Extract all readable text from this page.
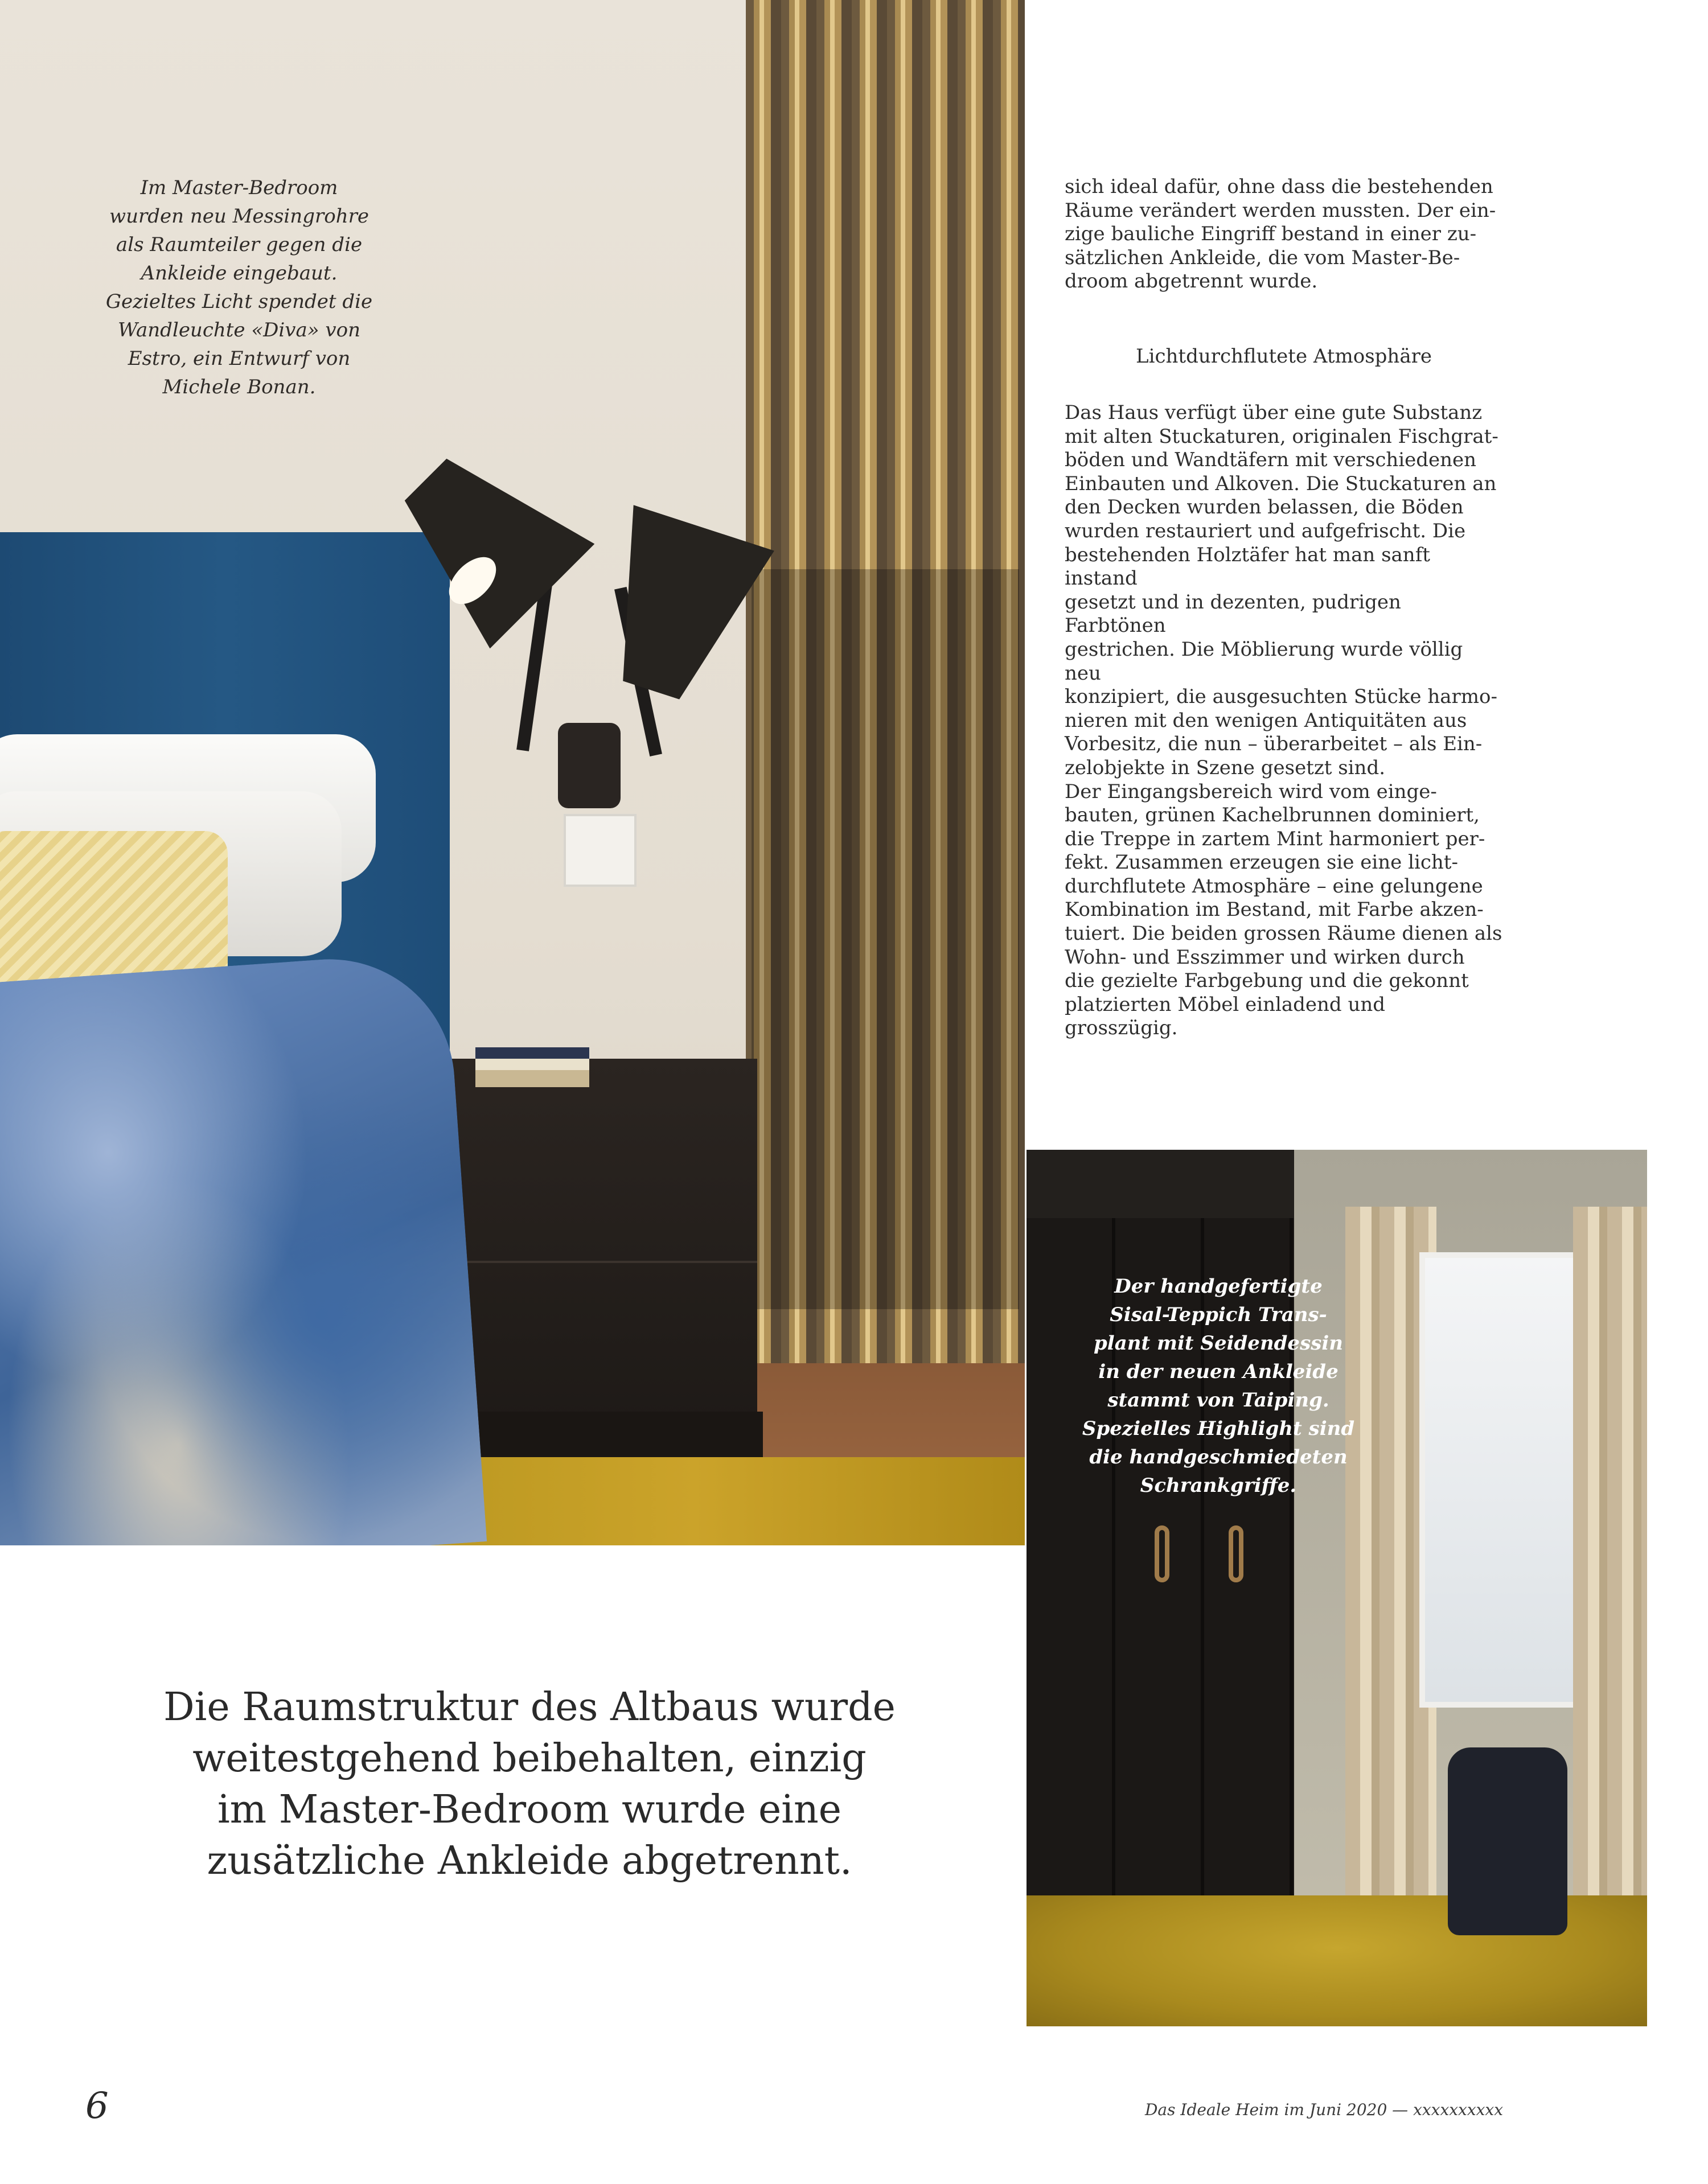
Im Master-Bedroom
wurden neu Messingrohre
als Raumteiler gegen die
Ankleide eingebaut.
Gezieltes Licht spendet die
Wandleuchte «Diva» von
Estro, ein Entwurf von
Michele Bonan.
sich ideal dafür, ohne dass die bestehenden
Räume verändert werden mussten. Der ein-
zige bauliche Eingriff bestand in einer zu-
sätzlichen Ankleide, die vom Master-Be-
droom abgetrennt wurde.
Lichtdurchflutete Atmosphäre
Das Haus verfügt über eine gute Substanz
mit alten Stuckaturen, originalen Fischgrat-
böden und Wandtäfern mit verschiedenen
Einbauten und Alkoven. Die Stuckaturen an
den Decken wurden belassen, die Böden
wurden restauriert und aufgefrischt. Die
bestehenden Holztäfer hat man sanft instand
gesetzt und in dezenten, pudrigen Farbtönen
gestrichen. Die Möblierung wurde völlig neu
konzipiert, die ausgesuchten Stücke harmo-
nieren mit den wenigen Antiquitäten aus
Vorbesitz, die nun – überarbeitet – als Ein-
zelobjekte in Szene gesetzt sind.
Der Eingangsbereich wird vom einge-
bauten, grünen Kachelbrunnen dominiert,
die Treppe in zartem Mint harmoniert per-
fekt. Zusammen erzeugen sie eine licht-
durchflutete Atmosphäre – eine gelungene
Kombination im Bestand, mit Farbe akzen-
tuiert. Die beiden grossen Räume dienen als
Wohn- und Esszimmer und wirken durch
die gezielte Farbgebung und die gekonnt
platzierten Möbel einladend und grosszügig.
Der handgefertigte
Sisal-Teppich Trans-
plant mit Seidendessin
in der neuen Ankleide
stammt von Taiping.
Spezielles Highlight sind
die handgeschmiedeten
Schrankgriffe.
Die Raumstruktur des Altbaus wurde
weitestgehend beibehalten, einzig
im Master-Bedroom wurde eine
zusätzliche Ankleide abgetrennt.
6	Das Ideale Heim im Juni 2020 — xxxxxxxxxx
